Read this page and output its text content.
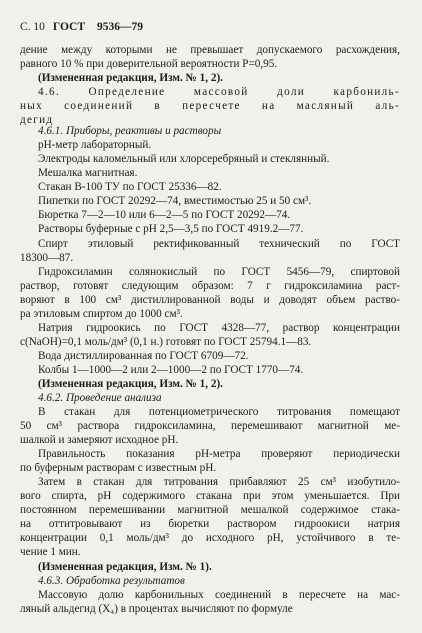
С. 10 ГОСТ 9536—79
дение между которыми не превышает допускаемого расхождения,
равного 10 % при доверительной вероятности P=0,95.
(Измененная редакция, Изм. № 1, 2).
4.6. Определение массовой доли карбониль-
ных соединений в пересчете на масляный аль-
дегид
4.6.1. Приборы, реактивы и растворы
pH-метр лабораторный.
Электроды каломельный или хлорсеребряный и стеклянный.
Мешалка магнитная.
Стакан В-100 ТУ по ГОСТ 25336—82.
Пипетки по ГОСТ 20292—74, вместимостью 25 и 50 см³.
Бюретка 7—2—10 или 6—2—5 по ГОСТ 20292—74.
Растворы буферные с pH 2,5—3,5 по ГОСТ 4919.2—77.
Спирт этиловый ректификованный технический по ГОСТ
18300—87.
Гидроксиламин солянокислый по ГОСТ 5456—79, спиртовой
раствор, готовят следующим образом: 7 г гидроксиламина раст-
воряют в 100 см³ дистиллированной воды и доводят объем раство-
ра этиловым спиртом до 1000 см³.
Натрия гидроокись по ГОСТ 4328—77, раствор концентрации
c(NaOH)=0,1 моль/дм³ (0,1 н.) готовят по ГОСТ 25794.1—83.
Вода дистиллированная по ГОСТ 6709—72.
Колбы 1—1000—2 или 2—1000—2 по ГОСТ 1770—74.
(Измененная редакция, Изм. № 1, 2).
4.6.2. Проведение анализа
В стакан для потенциометрического титрования помещают
50 см³ раствора гидроксиламина, перемешивают магнитной ме-
шалкой и замеряют исходное pH.
Правильность показания pH-метра проверяют периодически
по буферным растворам с известным pH.
Затем в стакан для титрования прибавляют 25 см³ изобутило-
вого спирта, pH содержимого стакана при этом уменьшается. При
постоянном перемешивании магнитной мешалкой содержимое стака-
на оттитровывают из бюретки раствором гидроокиси натрия
концентрации 0,1 моль/дм³ до исходного pH, устойчивого в те-
чение 1 мин.
(Измененная редакция, Изм. № 1).
4.6.3. Обработка результатов
Массовую долю карбонильных соединений в пересчете на мас-
ляный альдегид (X₄) в процентах вычисляют по формуле
